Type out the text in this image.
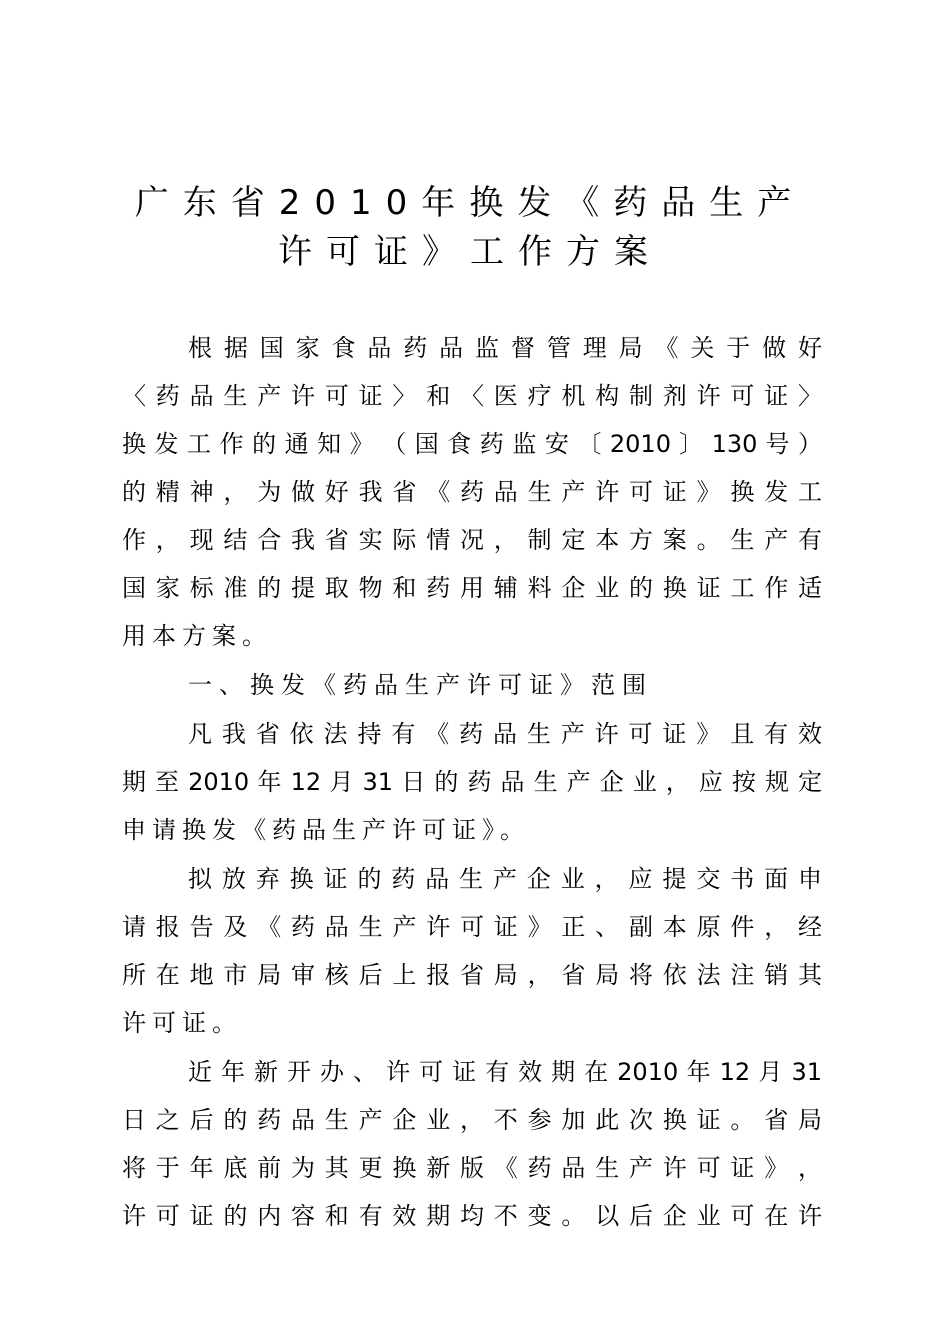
广东省2010年换发《药品生产
许可证》工作方案
根 据 国 家 食 品 药 品 监 督 管 理 局 《 关 于 做 好
〈 药 品 生 产 许 可 证 〉 和 〈 医 疗 机 构 制 剂 许 可 证 〉
换 发 工 作 的 通 知 》 （ 国 食 药 监 安 〔 2010 〕 130 号 ）
的 精 神 ， 为 做 好 我 省 《 药 品 生 产 许 可 证 》 换 发 工
作 ， 现 结 合 我 省 实 际 情 况 ， 制 定 本 方 案 。 生 产 有
国 家 标 准 的 提 取 物 和 药 用 辅 料 企 业 的 换 证 工 作 适
用本方案。
一、换发《药品生产许可证》范围
凡 我 省 依 法 持 有 《 药 品 生 产 许 可 证 》 且 有 效
期 至 2010 年 12 月 31 日 的 药 品 生 产 企 业 ， 应 按 规 定
申请换发《药品生产许可证》。
拟 放 弃 换 证 的 药 品 生 产 企 业 ， 应 提 交 书 面 申
请 报 告 及 《 药 品 生 产 许 可 证 》 正 、 副 本 原 件 ， 经
所 在 地 市 局 审 核 后 上 报 省 局 ， 省 局 将 依 法 注 销 其
许可证。
近 年 新 开 办 、 许 可 证 有 效 期 在 2010 年 12 月 31
日 之 后 的 药 品 生 产 企 业 ， 不 参 加 此 次 换 证 。 省 局
将 于 年 底 前 为 其 更 换 新 版 《 药 品 生 产 许 可 证 》 ，
许 可 证 的 内 容 和 有 效 期 均 不 变 。 以 后 企 业 可 在 许
